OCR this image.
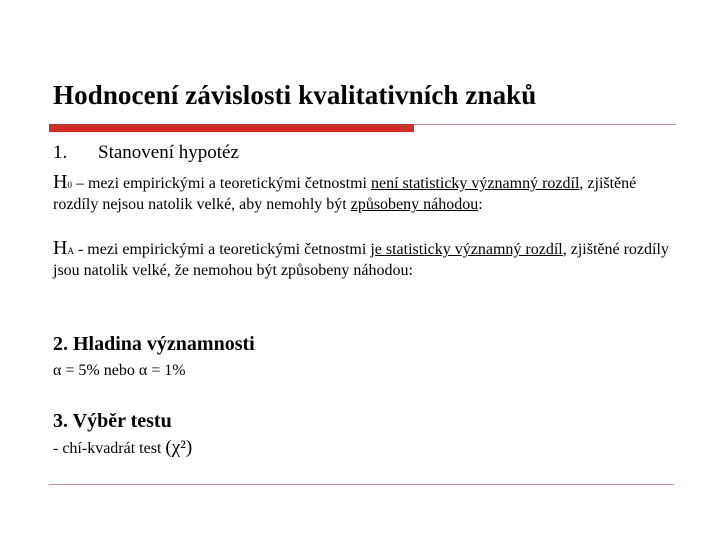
Hodnocení závislosti kvalitativních znaků
1. Stanovení hypotéz
H0 – mezi empirickými a teoretickými četnostmi není statisticky významný rozdíl, zjištěné rozdíly nejsou natolik velké, aby nemohly být způsobeny náhodou:
HA - mezi empirickými a teoretickými četnostmi je statisticky významný rozdíl, zjištěné rozdíly jsou natolik velké, že nemohou být způsobeny náhodou:
2. Hladina významnosti
α = 5% nebo α = 1%
3. Výběr testu
- chí-kvadrát test (χ²)
